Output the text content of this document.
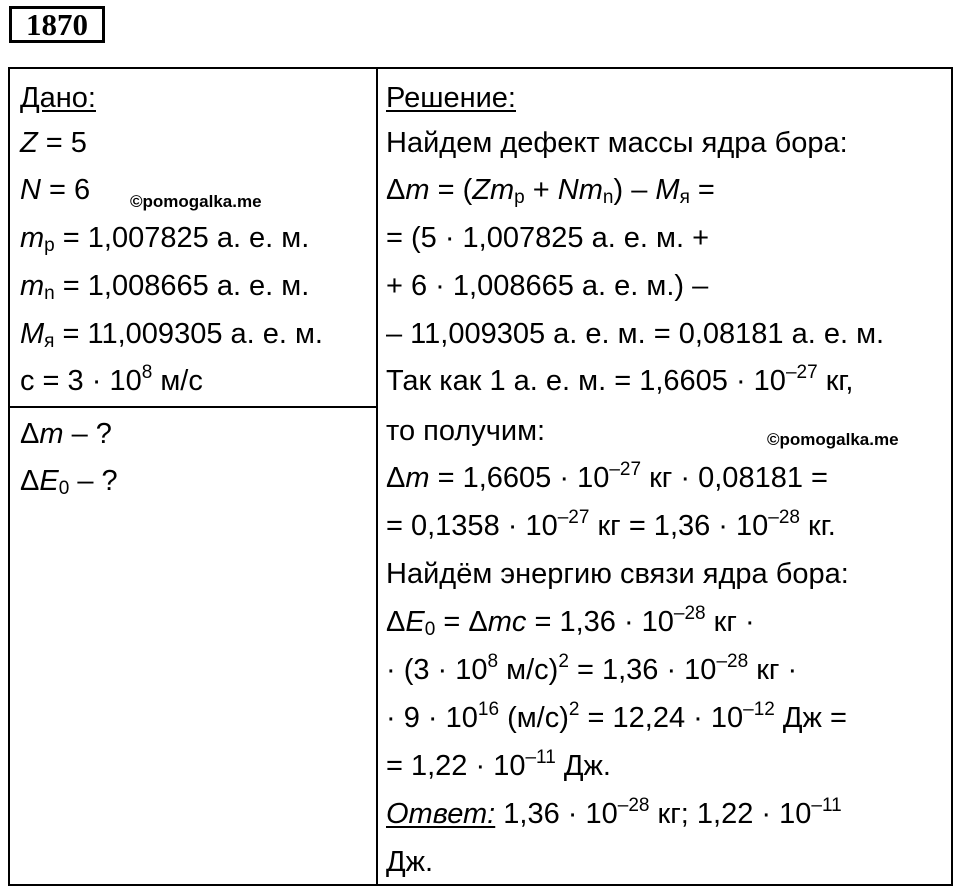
1870
Дано:
Z = 5
N = 6
$m_p = 1,007825$ а. е. м.
$m_n = 1,008665$ а. е. м.
$M_я = 11,009305$ а. е. м.
$c = 3 \cdot 10^8$ м/с
Δm – ?
$\Delta E_0$ – ?
©pomogalka.me
Решение:
Найдем дефект массы ядра бора:
$\Delta m = (Zm_p + Nm_n) - M_я$ =
= (5 · 1,007825 а. е. м. +
+ 6 · 1,008665 а. е. м.) –
– 11,009305 а. е. м. = 0,08181 а. е. м.
Так как 1 а. е. м. = $1,6605 \cdot 10^{-27}$ кг,
то получим:	©pomogalka.me
$\Delta m = 1,6605 \cdot 10^{-27}$ кг · 0,08181 =
= $0,1358 \cdot 10^{-27}$ кг = $1,36 \cdot 10^{-28}$ кг.
Найдём энергию связи ядра бора:
$\Delta E_0 = \Delta mc = 1,36 \cdot 10^{-28}$ кг ·
· ($3 \cdot 10^8$ $м/с)^2 = 1,36 \cdot 10^{-28}$ кг ·
· $9 \cdot 10^{16}$ $(м/с)^2 = 12,24 \cdot 10^{-12}$ Дж =
= $1,22 \cdot 10^{-11}$ Дж.
Ответ: $1,36 \cdot 10^{-28}$ кг; $1,22 \cdot 10^{-11}$
Дж.
